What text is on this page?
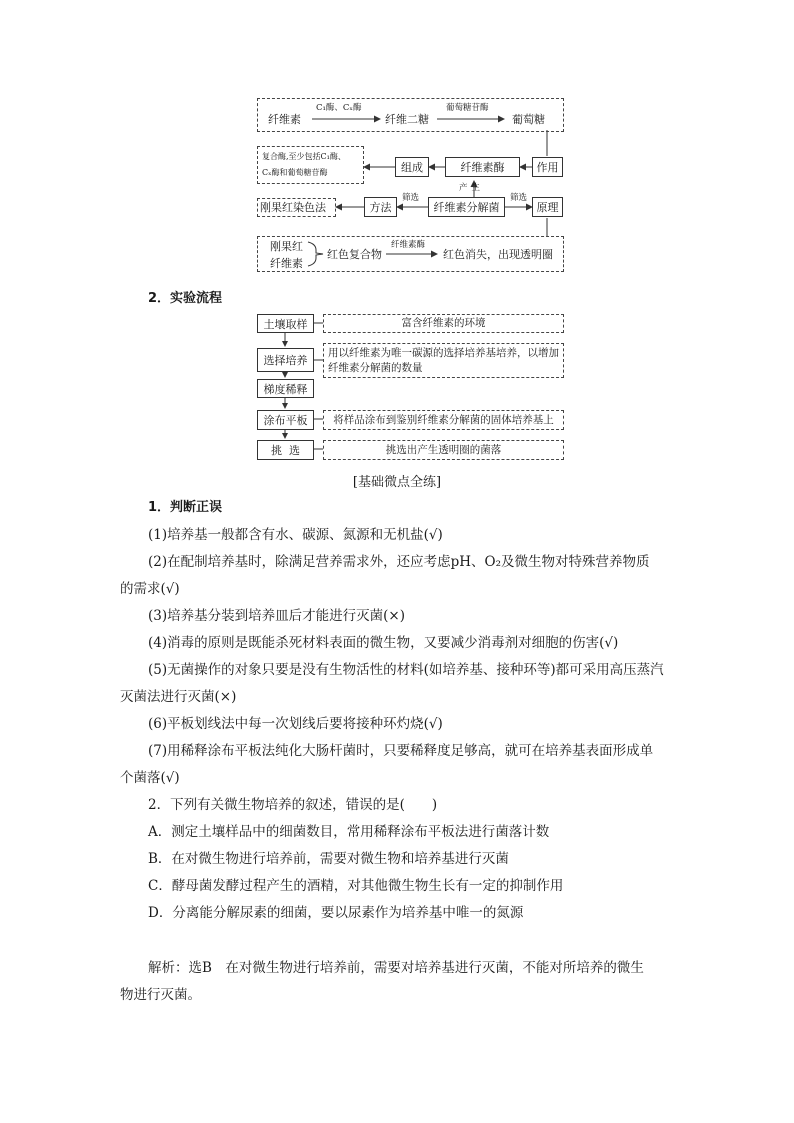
纤维素
C₁酶、Cₓ酶
纤维二糖
葡萄糖苷酶
葡萄糖
复合酶,至少包括C₁酶、
Cₓ酶和葡萄糖苷酶	组成	纤维素酶	作用
产生
刚果红染色法	方法
筛选
纤维素分解菌
筛选
原理
刚果红
纤维素
红色复合物
纤维素酶
红色消失，出现透明圈
2．实验流程
土壤取样	富含纤维素的环境
选择培养
用以纤维素为唯一碳源的选择培养基培养，以增加纤维素分解菌的数量
梯度稀释
涂布平板	将样品涂布到鉴别纤维素分解菌的固体培养基上
挑  选	挑选出产生透明圈的菌落
[基础微点全练]
1．判断正误
(1)培养基一般都含有水、碳源、氮源和无机盐(√)
(2)在配制培养基时，除满足营养需求外，还应考虑pH、O₂及微生物对特殊营养物质
的需求(√)
(3)培养基分装到培养皿后才能进行灭菌(×)
(4)消毒的原则是既能杀死材料表面的微生物，又要减少消毒剂对细胞的伤害(√)
(5)无菌操作的对象只要是没有生物活性的材料(如培养基、接种环等)都可采用高压蒸汽
灭菌法进行灭菌(×)
(6)平板划线法中每一次划线后要将接种环灼烧(√)
(7)用稀释涂布平板法纯化大肠杆菌时，只要稀释度足够高，就可在培养基表面形成单
个菌落(√)
2．下列有关微生物培养的叙述，错误的是(　　)
A．测定土壤样品中的细菌数目，常用稀释涂布平板法进行菌落计数
B．在对微生物进行培养前，需要对微生物和培养基进行灭菌
C．酵母菌发酵过程产生的酒精，对其他微生物生长有一定的抑制作用
D．分离能分解尿素的细菌，要以尿素作为培养基中唯一的氮源
解析：选B　在对微生物进行培养前，需要对培养基进行灭菌，不能对所培养的微生
物进行灭菌。
